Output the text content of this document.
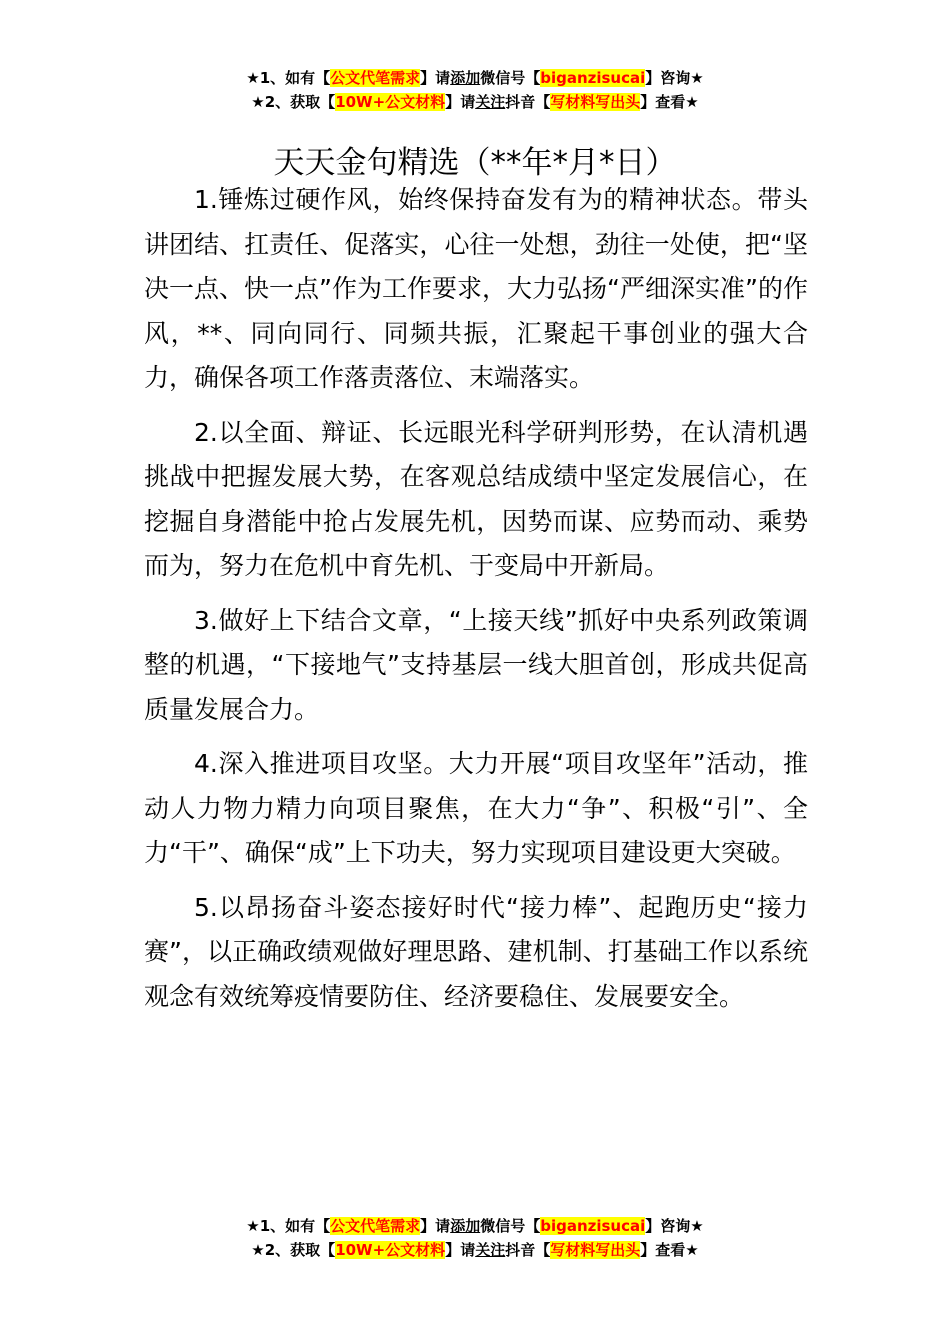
★1、如有【公文代笔需求】请添加微信号【biganzisucai】咨询★
★2、获取【10W+公文材料】请关注抖音【写材料写出头】查看★
天天金句精选（**年*月*日）

1.锤炼过硬作风，始终保持奋发有为的精神状态。带头讲团结、扛责任、促落实，心往一处想，劲往一处使，把“坚决一点、快一点”作为工作要求，大力弘扬“严细深实准”的作风，**、同向同行、同频共振，汇聚起干事创业的强大合力，确保各项工作落责落位、末端落实。

2.以全面、辩证、长远眼光科学研判形势，在认清机遇挑战中把握发展大势，在客观总结成绩中坚定发展信心，在挖掘自身潜能中抢占发展先机，因势而谋、应势而动、乘势而为，努力在危机中育先机、于变局中开新局。

3.做好上下结合文章，“上接天线”抓好中央系列政策调整的机遇，“下接地气”支持基层一线大胆首创，形成共促高质量发展合力。

4.深入推进项目攻坚。大力开展“项目攻坚年”活动，推动人力物力精力向项目聚焦，在大力“争”、积极“引”、全力“干”、确保“成”上下功夫，努力实现项目建设更大突破。

5.以昂扬奋斗姿态接好时代“接力棒”、起跑历史“接力赛”，以正确政绩观做好理思路、建机制、打基础工作以系统观念有效统筹疫情要防住、经济要稳住、发展要安全。

★1、如有【公文代笔需求】请添加微信号【biganzisucai】咨询★
★2、获取【10W+公文材料】请关注抖音【写材料写出头】查看★
